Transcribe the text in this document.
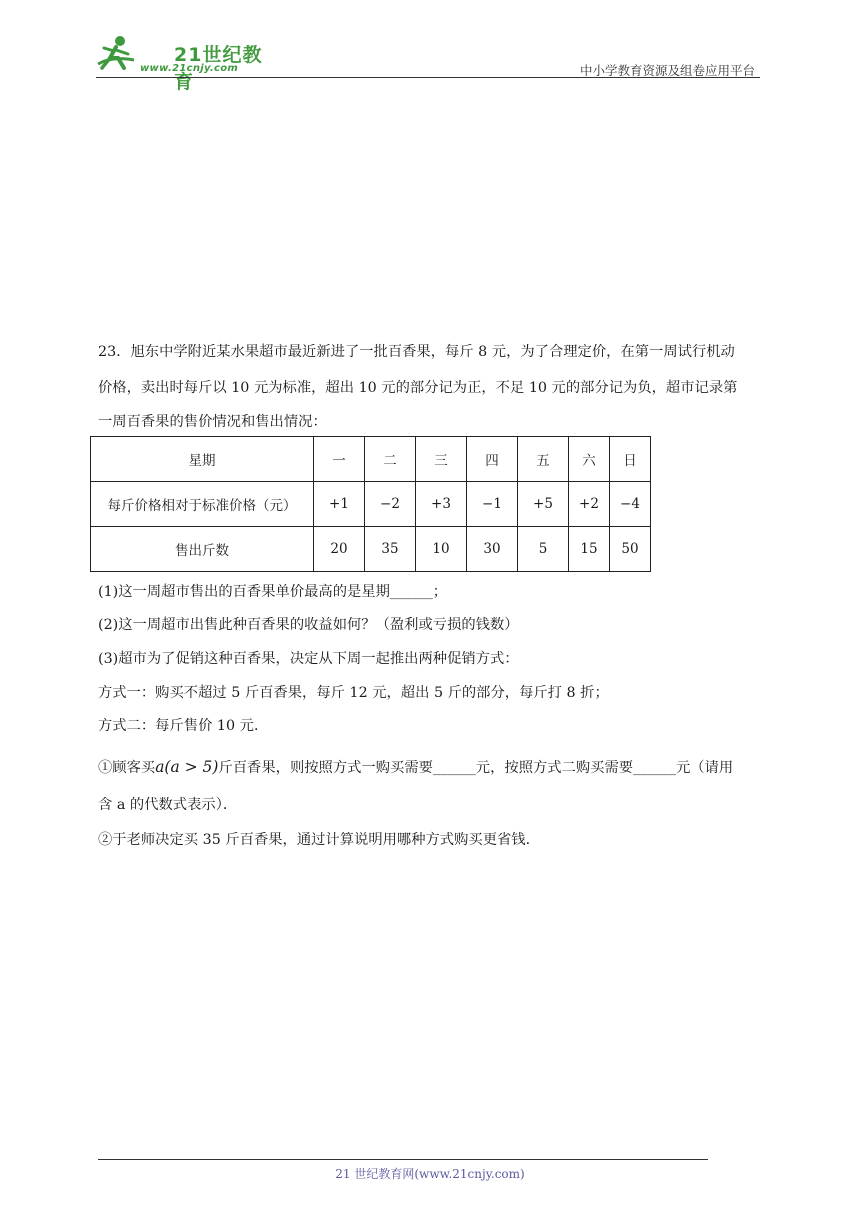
21世纪教育
www.21cnjy.com	中小学教育资源及组卷应用平台
23．旭东中学附近某水果超市最近新进了一批百香果，每斤 8 元，为了合理定价，在第一周试行机动
价格，卖出时每斤以 10 元为标准，超出 10 元的部分记为正，不足 10 元的部分记为负，超市记录第
一周百香果的售价情况和售出情况：
星期	一	二	三	四	五	六	日
每斤价格相对于标准价格（元）	+1	−2	+3	−1	+5	+2	−4
售出斤数	20	35	10	30	5	15	50
(1)这一周超市售出的百香果单价最高的是星期______；
(2)这一周超市出售此种百香果的收益如何？（盈利或亏损的钱数）
(3)超市为了促销这种百香果，决定从下周一起推出两种促销方式：
方式一：购买不超过 5 斤百香果，每斤 12 元，超出 5 斤的部分，每斤打 8 折；
方式二：每斤售价 10 元．
①顾客买a(a > 5)斤百香果，则按照方式一购买需要______元，按照方式二购买需要______元（请用
含 a 的代数式表示）．
②于老师决定买 35 斤百香果，通过计算说明用哪种方式购买更省钱．
21 世纪教育网(www.21cnjy.com)
